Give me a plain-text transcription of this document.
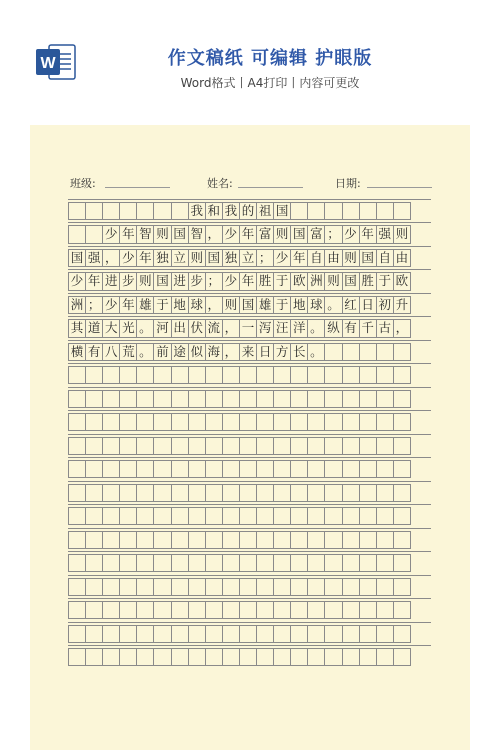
W	作文稿纸 可编辑 护眼版
Word格式丨A4打印丨内容可更改
班级:	姓名:	日期:
我 和 我 的 祖 国
少 年 智 则 国 智 ， 少 年 富 则 国 富 ； 少 年 强 则
国 强 ， 少 年 独 立 则 国 独 立 ； 少 年 自 由 则 国 自 由
少 年 进 步 则 国 进 步 ； 少 年 胜 于 欧 洲 则 国 胜 于 欧
洲 ； 少 年 雄 于 地 球 ， 则 国 雄 于 地 球 。 红 日 初 升
其 道 大 光 。 河 出 伏 流 ， 一 泻 汪 洋 。 纵 有 千 古 ，
横 有 八 荒 。 前 途 似 海 ， 来 日 方 长 。
